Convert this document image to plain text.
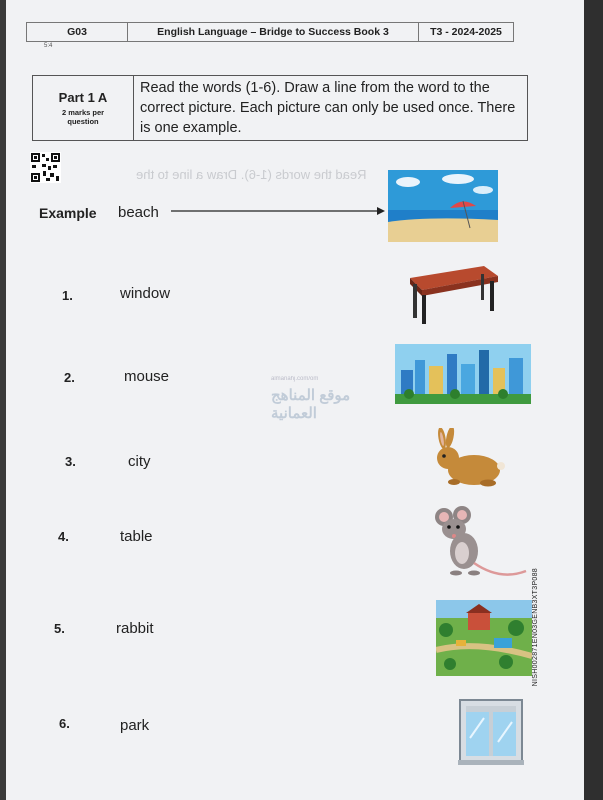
G03	English Language – Bridge to Success Book 3	T3 - 2024-2025
5:4
Part 1 A
2 marks per question
Read the words (1-6). Draw a line from the word to the correct picture. Each picture can only be used once. There is one example.
Read the words (1-6). Draw a line to the
Example beach
1.	window
2.	mouse
3.	city
4.	table
5.	rabbit
6.	park
almanahj.com/om
موقع المناهج العمانية
NISH002871EN03GENB3XT3P088
